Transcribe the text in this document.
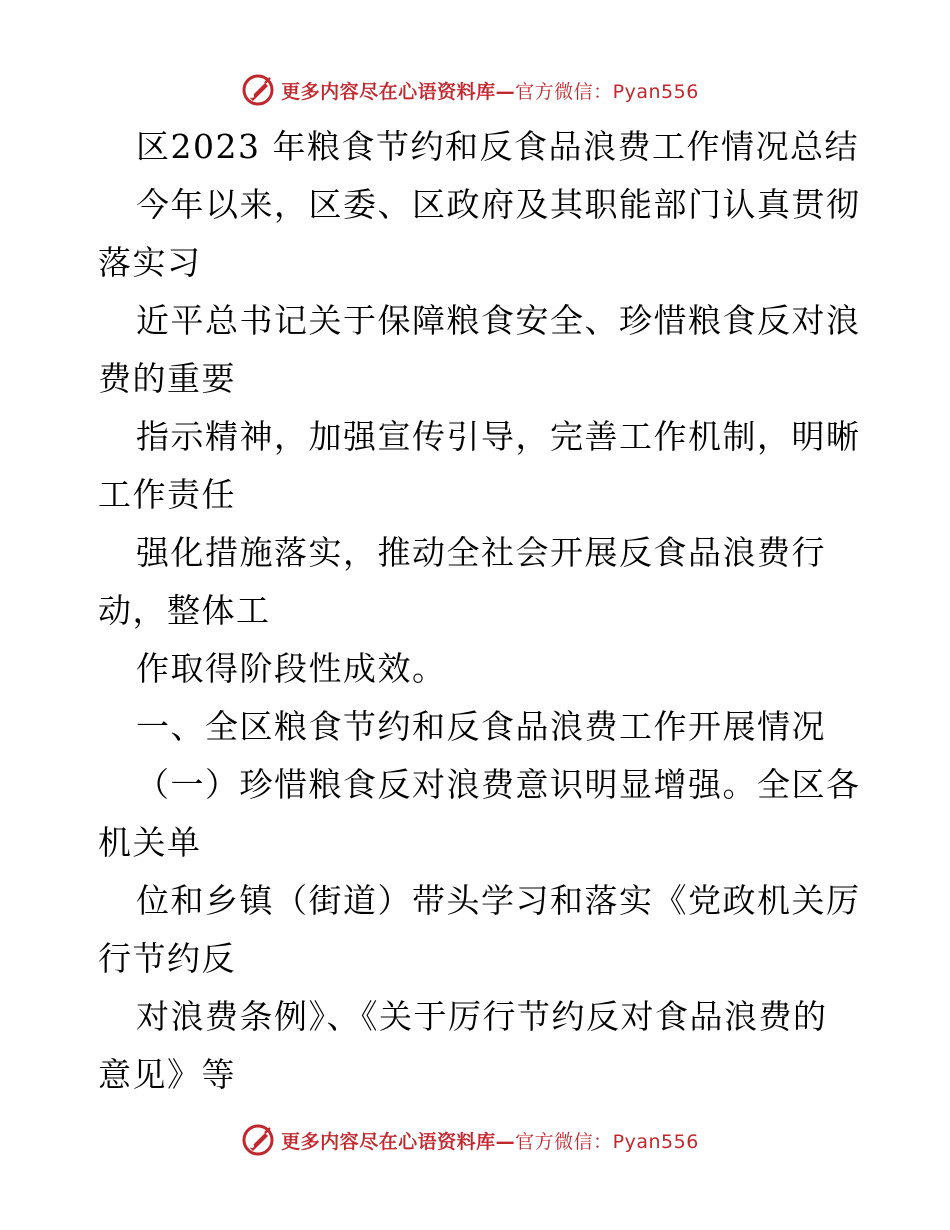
更多内容尽在心语资料库—官方微信：Pyan556
区2023 年粮食节约和反食品浪费工作情况总结
今年以来，区委、区政府及其职能部门认真贯彻
落实习
近平总书记关于保障粮食安全、珍惜粮食反对浪
费的重要
指示精神，加强宣传引导，完善工作机制，明晰
工作责任
强化措施落实，推动全社会开展反食品浪费行
动，整体工
作取得阶段性成效。
一、全区粮食节约和反食品浪费工作开展情况
（一）珍惜粮食反对浪费意识明显增强。全区各
机关单
位和乡镇（街道）带头学习和落实《党政机关厉
行节约反
对浪费条例》、《关于厉行节约反对食品浪费的
意见》等
更多内容尽在心语资料库—官方微信：Pyan556
